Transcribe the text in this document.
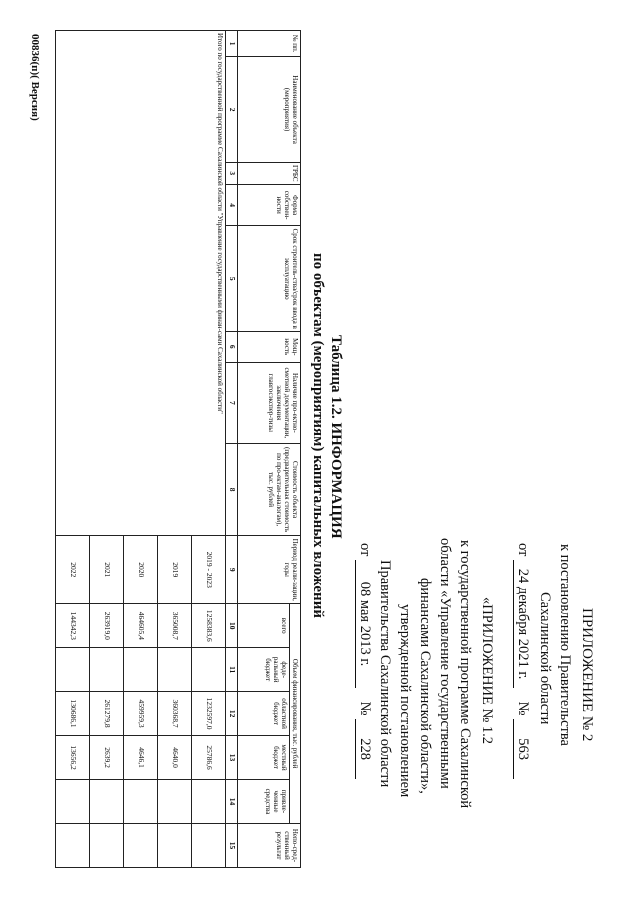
ПРИЛОЖЕНИЕ № 2
к постановлению Правительства
Сахалинской области
от 24 декабря 2021 г. № 563
«ПРИЛОЖЕНИЕ № 1.2
к государственной программе Сахалинской
области «Управление государственными
финансами Сахалинской области»,
утвержденной постановлением
Правительства Сахалинской области
от 08 мая 2013 г. № 228
Таблица 1.2. ИНФОРМАЦИЯ
по объектам (мероприятиям) капитальных вложений
№ пп.	Наименование объекта (мероприятия)	ГРБС	Форма собствен-ности	Срок строитель-ства/срок ввода в эксплуатацию	Мощ-ность	Наличие про-ектно-сметной документации, заключения главгосэкспер-тизы	Стоимость объекта (предварительная стоимость по про-ектам-аналогам), тыс. рублей	Период реали-зации, годы	Объем финансирования, тыс. рублей					Непо-сред-ственный результат
									всего	феде-ральный бюджет	областной бюджет	местный бюджет	привле-ченные средства	
1	2	3	4	5	6	7	8	9	10	11	12	13	14	15
Итого по государственной программе Сахалинской области "Управление государственными финан-сами Сахалинской области"								2019 - 2023	1258383,6		1232597,0	25786,6		
								2019	365008,7		360368,7	4640,0		
								2020	464605,4		459959,3	4646,1		
								2021	263919,0		261279,8	2639,2		
								2022	144342,3		130686,1	13656,2		
00836(п)( Версия)
